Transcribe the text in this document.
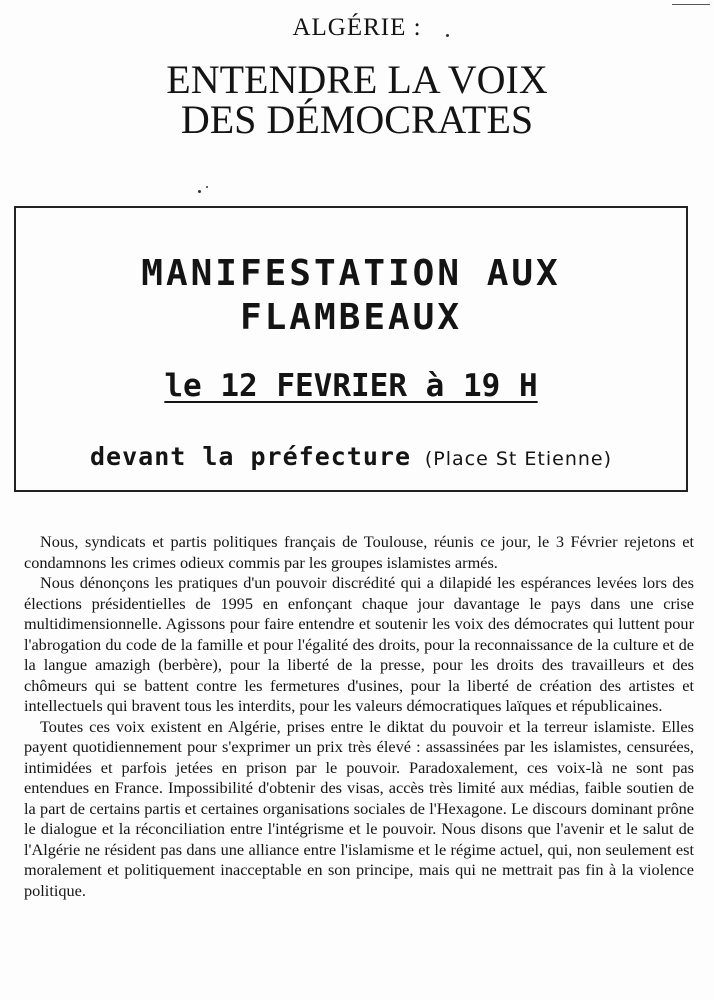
ALGÉRIE :
ENTENDRE LA VOIX
DES DÉMOCRATES
MANIFESTATION AUX
FLAMBEAUX
le 12 FEVRIER à 19 H
devant la préfecture (Place St Etienne)

Nous, syndicats et partis politiques français de Toulouse, réunis ce jour, le 3 Février rejetons et condamnons les crimes odieux commis par les groupes islamistes armés.

Nous dénonçons les pratiques d'un pouvoir discrédité qui a dilapidé les espérances levées lors des élections présidentielles de 1995 en enfonçant chaque jour davantage le pays dans une crise multidimensionnelle. Agissons pour faire entendre et soutenir les voix des démocrates qui luttent pour l'abrogation du code de la famille et pour l'égalité des droits, pour la reconnaissance de la culture et de la langue amazigh (berbère), pour la liberté de la presse, pour les droits des travailleurs et des chômeurs qui se battent contre les fermetures d'usines, pour la liberté de création des artistes et intellectuels qui bravent tous les interdits, pour les valeurs démocratiques laïques et républicaines.

Toutes ces voix existent en Algérie, prises entre le diktat du pouvoir et la terreur islamiste. Elles payent quotidiennement pour s'exprimer un prix très élevé : assassinées par les islamistes, censurées, intimidées et parfois jetées en prison par le pouvoir. Paradoxalement, ces voix-là ne sont pas entendues en France. Impossibilité d'obtenir des visas, accès très limité aux médias, faible soutien de la part de certains partis et certaines organisations sociales de l'Hexagone. Le discours dominant prône le dialogue et la réconciliation entre l'intégrisme et le pouvoir. Nous disons que l'avenir et le salut de l'Algérie ne résident pas dans une alliance entre l'islamisme et le régime actuel, qui, non seulement est moralement et politiquement inacceptable en son principe, mais qui ne mettrait pas fin à la violence politique.
